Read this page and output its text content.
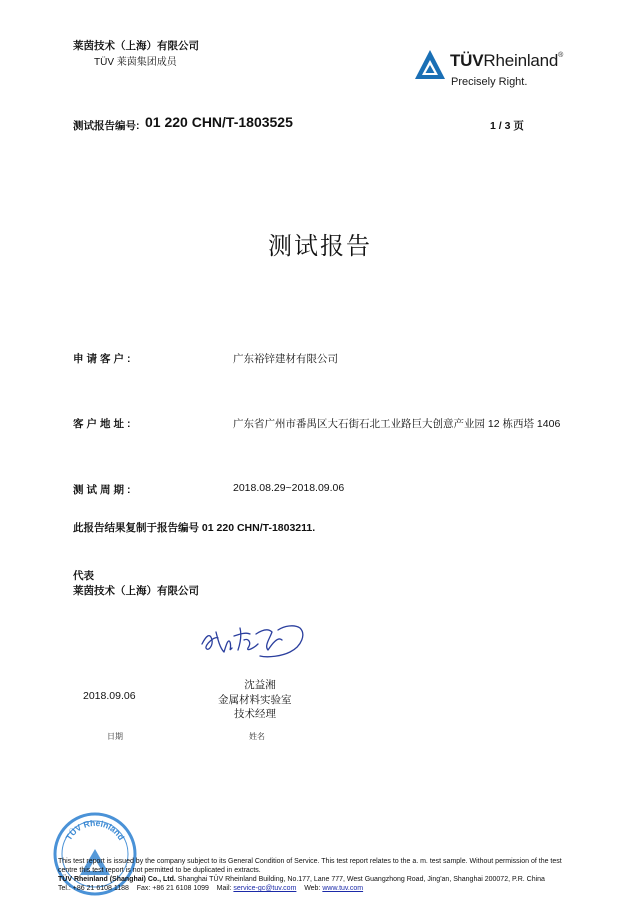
莱茵技术（上海）有限公司
TÜV 莱茵集团成员	TÜVRheinland®
Precisely Right.
测试报告编号: 01 220 CHN/T-1803525	1 / 3 页
测试报告
申请客户:	广东裕锌建材有限公司
客户地址:	广东省广州市番禺区大石街石北工业路巨大创意产业园 12 栋西塔 1406
测试周期:	2018.08.29~2018.09.06
此报告结果复制于报告编号 01 220 CHN/T-1803211.
代表
莱茵技术（上海）有限公司
2018.09.06
沈益湘
金属材料实验室
技术经理
日期	姓名
TÜV Rheinland
This test report is issued by the company subject to its General Condition of Service. This test report relates to the a. m. test sample. Without permission of the test
centre this test report is not permitted to be duplicated in extracts.
TÜV Rheinland (Shanghai) Co., Ltd. Shanghai TÜV Rheinland Building, No.177, Lane 777, West Guangzhong Road, Jing'an, Shanghai 200072, P.R. China
Tel.: +86 21 6108 1188 Fax: +86 21 6108 1099 Mail: service-gc@tuv.com Web: www.tuv.com
